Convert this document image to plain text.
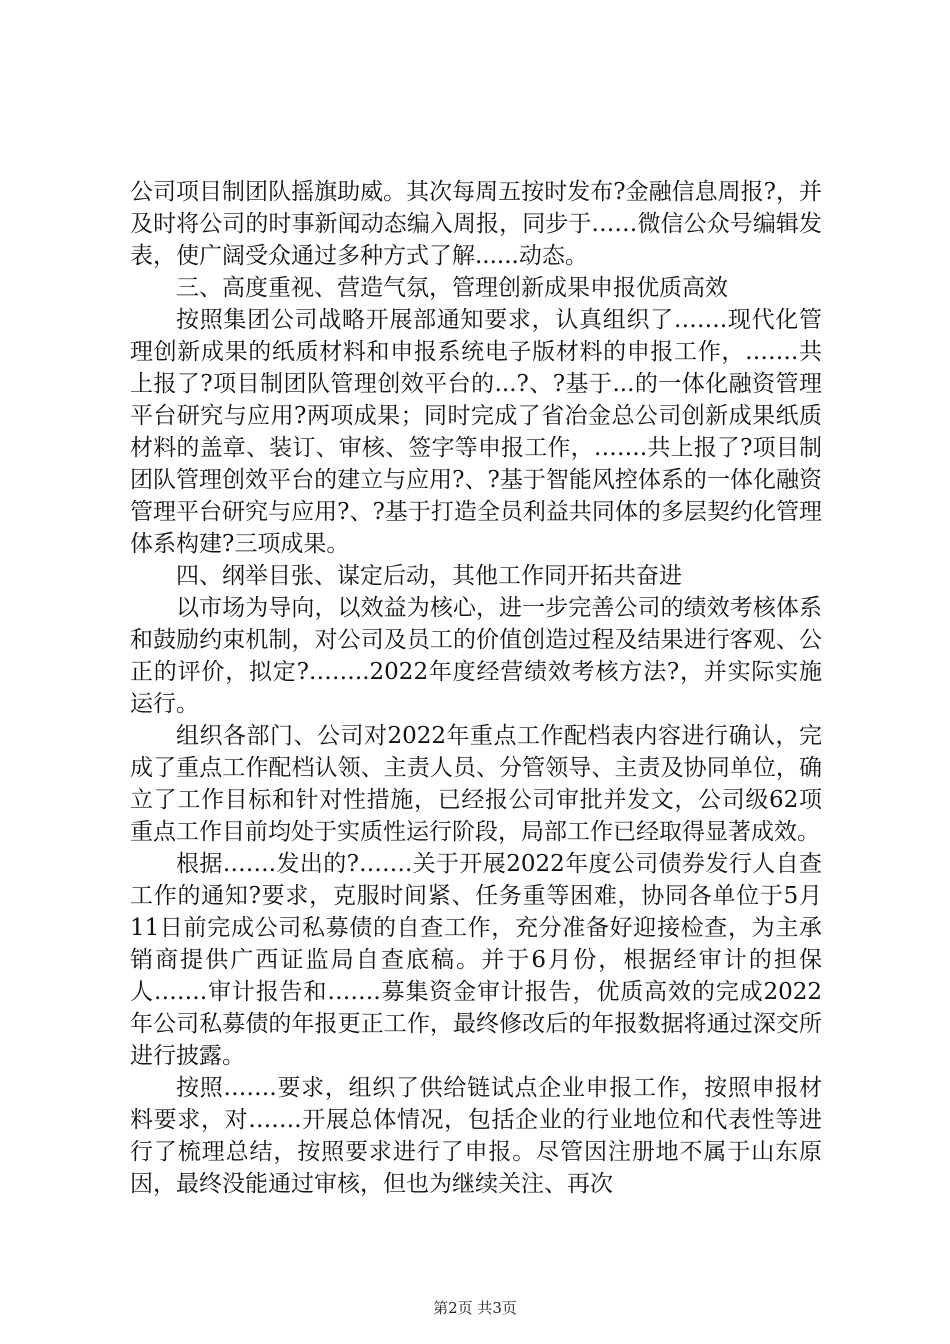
公司项目制团队摇旗助威。其次每周五按时发布?金融信息周报?，并及时将公司的时事新闻动态编入周报，同步于……微信公众号编辑发表，使广阔受众通过多种方式了解......动态。

三、高度重视、营造气氛，管理创新成果申报优质高效

按照集团公司战略开展部通知要求，认真组织了…….现代化管理创新成果的纸质材料和申报系统电子版材料的申报工作，…….共上报了?项目制团队管理创效平台的...?、?基于...的一体化融资管理平台研究与应用?两项成果；同时完成了省冶金总公司创新成果纸质材料的盖章、装订、审核、签字等申报工作，…….共上报了?项目制团队管理创效平台的建立与应用?、?基于智能风控体系的一体化融资管理平台研究与应用?、?基于打造全员利益共同体的多层契约化管理体系构建?三项成果。

四、纲举目张、谋定后动，其他工作同开拓共奋进

以市场为导向，以效益为核心，进一步完善公司的绩效考核体系和鼓励约束机制，对公司及员工的价值创造过程及结果进行客观、公正的评价，拟定?……..2022年度经营绩效考核方法?，并实际实施运行。

组织各部门、公司对2022年重点工作配档表内容进行确认，完成了重点工作配档认领、主责人员、分管领导、主责及协同单位，确立了工作目标和针对性措施，已经报公司审批并发文，公司级62项重点工作目前均处于实质性运行阶段，局部工作已经取得显著成效。

根据…….发出的?…….关于开展2022年度公司债券发行人自查工作的通知?要求，克服时间紧、任务重等困难，协同各单位于5月11日前完成公司私募债的自查工作，充分准备好迎接检查，为主承销商提供广西证监局自查底稿。并于6月份，根据经审计的担保人…….审计报告和…….募集资金审计报告，优质高效的完成2022年公司私募债的年报更正工作，最终修改后的年报数据将通过深交所进行披露。

按照…….要求，组织了供给链试点企业申报工作，按照申报材料要求，对…….开展总体情况，包括企业的行业地位和代表性等进行了梳理总结，按照要求进行了申报。尽管因注册地不属于山东原因，最终没能通过审核，但也为继续关注、再次

第2页 共3页
